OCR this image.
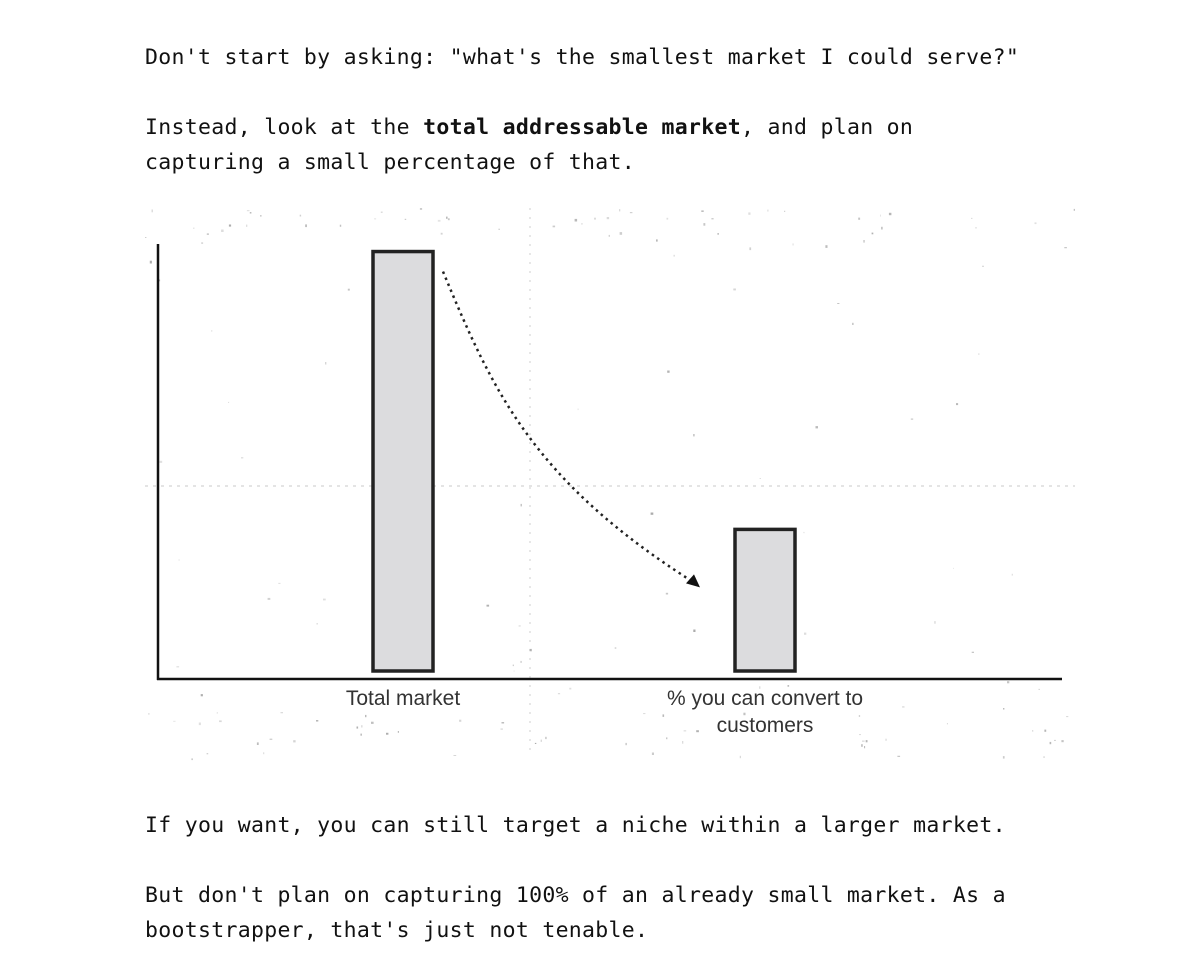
Don't start by asking: "what's the smallest market I could serve?"

Instead, look at the total addressable market, and plan on
capturing a small percentage of that.

Total market	% you can convert to
customers

If you want, you can still target a niche within a larger market.

But don't plan on capturing 100% of an already small market. As a
bootstrapper, that's just not tenable.
